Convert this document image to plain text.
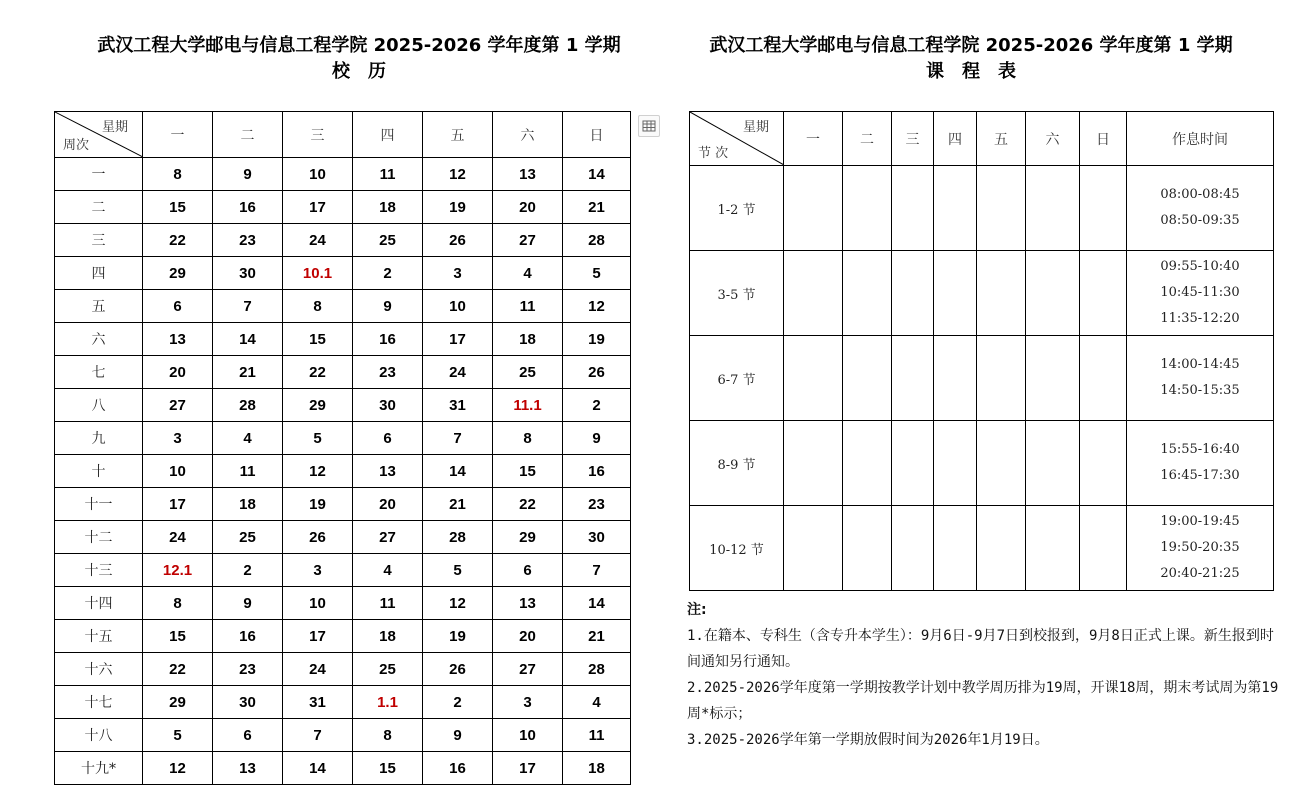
武汉工程大学邮电与信息工程学院 2025-2026 学年度第 1 学期
校历
武汉工程大学邮电与信息工程学院 2025-2026 学年度第 1 学期
课程表
星期
周次	一	二	三	四	五	六	日
一	8	9	10	11	12	13	14
二	15	16	17	18	19	20	21
三	22	23	24	25	26	27	28
四	29	30	10.1	2	3	4	5
五	6	7	8	9	10	11	12
六	13	14	15	16	17	18	19
七	20	21	22	23	24	25	26
八	27	28	29	30	31	11.1	2
九	3	4	5	6	7	8	9
十	10	11	12	13	14	15	16
十一	17	18	19	20	21	22	23
十二	24	25	26	27	28	29	30
十三	12.1	2	3	4	5	6	7
十四	8	9	10	11	12	13	14
十五	15	16	17	18	19	20	21
十六	22	23	24	25	26	27	28
十七	29	30	31	1.1	2	3	4
十八	5	6	7	8	9	10	11
十九*	12	13	14	15	16	17	18
星期
节 次	一	二	三	四	五	六	日	作息时间
1-2 节								08:00-08:45
08:50-09:35

3-5 节								09:55-10:40
10:45-11:30
11:35-12:20

6-7 节								14:00-14:45
14:50-15:35

8-9 节								15:55-16:40
16:45-17:30

10-12 节								19:00-19:45
19:50-20:35
20:40-21:25
注:

1.在籍本、专科生（含专升本学生）：9月6日-9月7日到校报到，9月8日正式上课。新生报到时间通知另行通知。

2.2025-2026学年度第一学期按教学计划中教学周历排为19周，开课18周，期末考试周为第19周*标示；

3.2025-2026学年第一学期放假时间为2026年1月19日。
